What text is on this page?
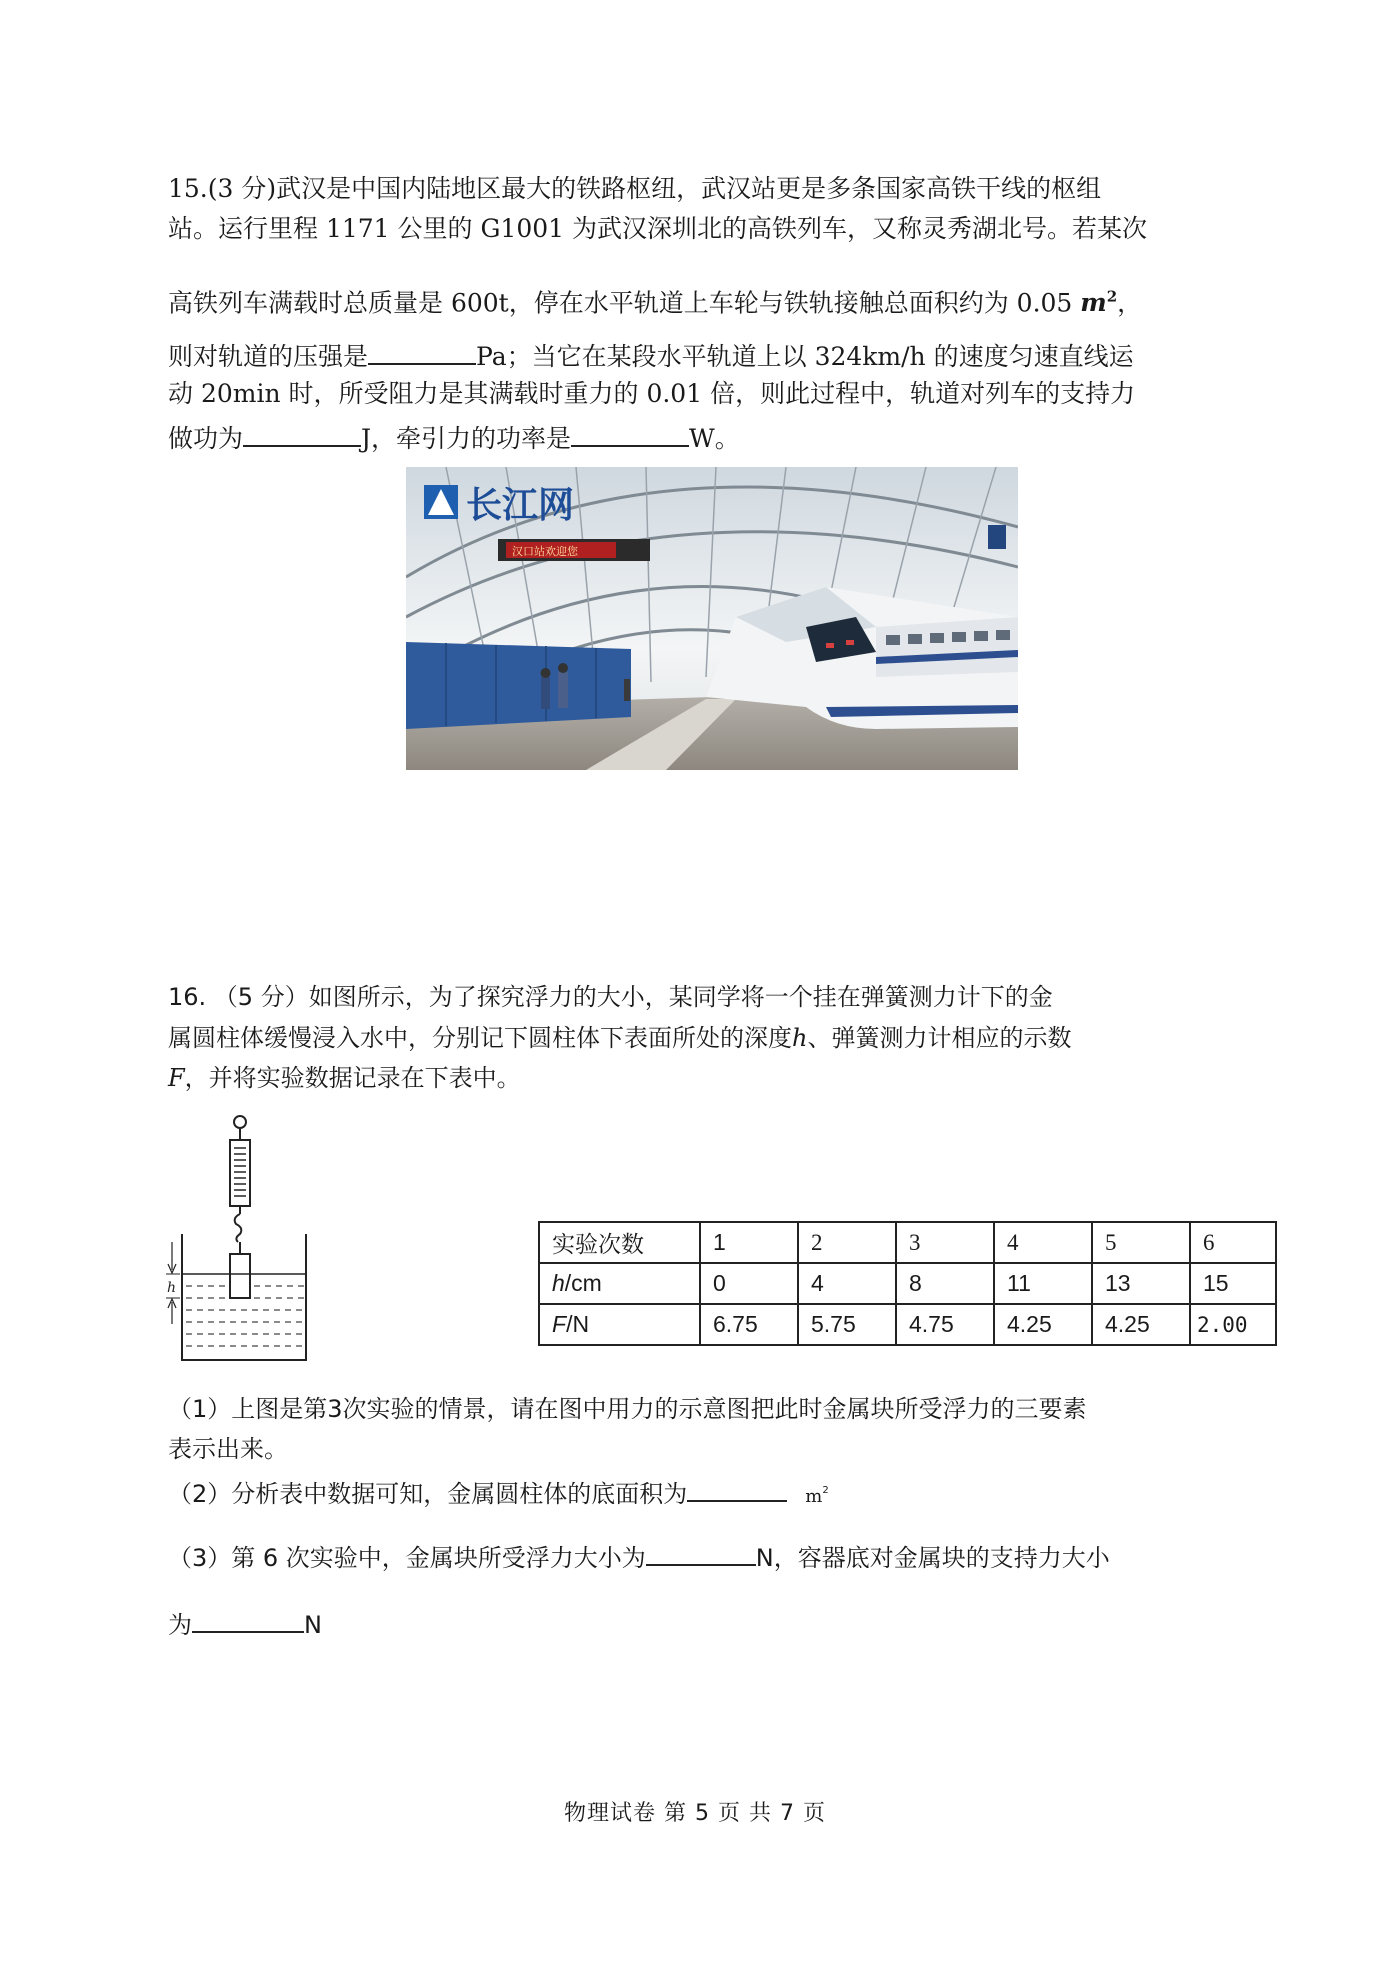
15.(3 分)武汉是中国内陆地区最大的铁路枢纽，武汉站更是多条国家高铁干线的枢组
站。运行里程 1171 公里的 G1001 为武汉深圳北的高铁列车，又称灵秀湖北号。若某次
高铁列车满载时总质量是 600t，停在水平轨道上车轮与铁轨接触总面积约为 0.05 $m^2$，
则对轨道的压强是	Pa；当它在某段水平轨道上以 324km/h 的速度匀速直线运
动 20min 时，所受阻力是其满载时重力的 0.01 倍，则此过程中，轨道对列车的支持力
做功为	J，牵引力的功率是	W。
长江网
汉口站欢迎您
16. （5 分）如图所示，为了探究浮力的大小，某同学将一个挂在弹簧测力计下的金
属圆柱体缓慢浸入水中，分别记下圆柱体下表面所处的深度h、弹簧测力计相应的示数
F，并将实验数据记录在下表中。
h
实验次数	1	2	3	4	5	6
h/cm	0	4	8	11	13	15
F/N	6.75	5.75	4.75	4.25	4.25	2.00
（1）上图是第3次实验的情景，请在图中用力的示意图把此时金属块所受浮力的三要素
表示出来。
（2）分析表中数据可知，金属圆柱体的底面积为	$m^2$
（3）第 6 次实验中，金属块所受浮力大小为	N，容器底对金属块的支持力大小
为	N
物理试卷 第 5 页 共 7 页
